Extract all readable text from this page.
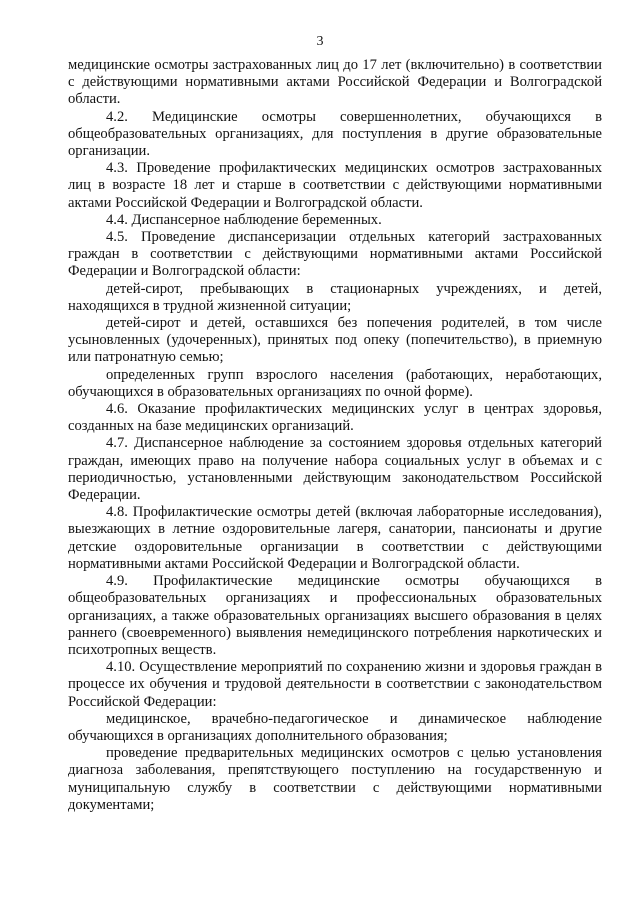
3

медицинские осмотры застрахованных лиц до 17 лет (включительно) в соответствии с действующими нормативными актами Российской Федерации и Волгоградской области.

4.2. Медицинские осмотры совершеннолетних, обучающихся в общеобразовательных организациях, для поступления в другие образовательные организации.

4.3. Проведение профилактических медицинских осмотров застрахованных лиц в возрасте 18 лет и старше в соответствии с действующими нормативными актами Российской Федерации и Волгоградской области.

4.4. Диспансерное наблюдение беременных.

4.5. Проведение диспансеризации отдельных категорий застрахованных граждан в соответствии с действующими нормативными актами Российской Федерации и Волгоградской области:

детей-сирот, пребывающих в стационарных учреждениях, и детей, находящихся в трудной жизненной ситуации;

детей-сирот и детей, оставшихся без попечения родителей, в том числе усыновленных (удочеренных), принятых под опеку (попечительство), в приемную или патронатную семью;

определенных групп взрослого населения (работающих, неработающих, обучающихся в образовательных организациях по очной форме).

4.6. Оказание профилактических медицинских услуг в центрах здоровья, созданных на базе медицинских организаций.

4.7. Диспансерное наблюдение за состоянием здоровья отдельных категорий граждан, имеющих право на получение набора социальных услуг в объемах и с периодичностью, установленными действующим законодательством Российской Федерации.

4.8. Профилактические осмотры детей (включая лабораторные исследования), выезжающих в летние оздоровительные лагеря, санатории, пансионаты и другие детские оздоровительные организации в соответствии с действующими нормативными актами Российской Федерации и Волгоградской области.

4.9. Профилактические медицинские осмотры обучающихся в общеобразовательных организациях и профессиональных образовательных организациях, а также образовательных организациях высшего образования в целях раннего (своевременного) выявления немедицинского потребления наркотических и психотропных веществ.

4.10. Осуществление мероприятий по сохранению жизни и здоровья граждан в процессе их обучения и трудовой деятельности в соответствии с законодательством Российской Федерации:

медицинское, врачебно-педагогическое и динамическое наблюдение обучающихся в организациях дополнительного образования;

проведение предварительных медицинских осмотров с целью установления диагноза заболевания, препятствующего поступлению на государственную и муниципальную службу в соответствии с действующими нормативными документами;
